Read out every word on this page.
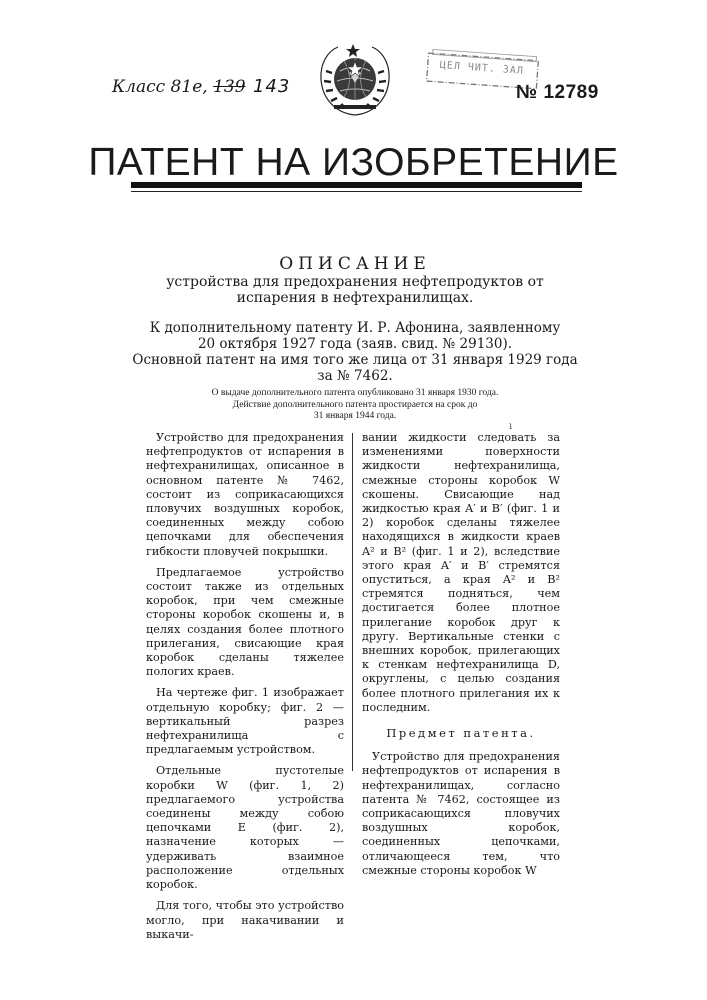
Класс 81е, 139 143
ЦЕЛ ЧИТ. ЗАЛ
№ 12789
ПАТЕНТ НА ИЗОБРЕТЕНИЕ
ОПИСАНИЕ
устройства для предохранения нефтепродуктов от
испарения в нефтехранилищах.
К дополнительному патенту И. Р. Афонина, заявленному
20 октября 1927 года (заяв. свид. № 29130).
Основной патент на имя того же лица от 31 января 1929 года
за № 7462.
О выдаче дополнительного патента опубликовано 31 января 1930 года.
Действие дополнительного патента простирается на срок до
31 января 1944 года.
ı

Устройство для предохранения нефтепродуктов от испарения в нефтехранилищах, описанное в основном патенте № 7462, состоит из соприкасающихся пловучих воздушных коробок, соединенных между собою цепочками для обеспечения гибкости пловучей покрышки.

Предлагаемое устройство состоит также из отдельных коробок, при чем смежные стороны коробок скошены и, в целях создания более плотного прилегания, свисающие края коробок сделаны тяжелее пологих краев.

На чертеже фиг. 1 изображает отдельную коробку; фиг. 2 — вертикальный разрез нефтехранилища с предлагаемым устройством.

Отдельные пустотелые коробки W (фиг. 1, 2) предлагаемого устройства соединены между собою цепочками E (фиг. 2), назначение которых — удерживать взаимное расположение отдельных коробок.

Для того, чтобы это устройство могло, при накачивании и выкачи-

вании жидкости следовать за изменениями поверхности жидкости нефтехранилища, смежные стороны коробок W скошены. Свисающие над жидкостью края A′ и B′ (фиг. 1 и 2) коробок сделаны тяжелее находящихся в жидкости краев A² и B² (фиг. 1 и 2), вследствие этого края A′ и B′ стремятся опуститься, а края A² и B² стремятся подняться, чем достигается более плотное прилегание коробок друг к другу. Вертикальные стенки c внешних коробок, прилегающих к стенкам нефтехранилища D, округлены, с целью создания более плотного прилегания их к последним.

Предмет патента.

Устройство для предохранения нефтепродуктов от испарения в нефтехранилищах, согласно патента № 7462, состоящее из соприкасающихся пловучих воздушных коробок, соединенных цепочками, отличающееся тем, что смежные стороны коробок W
